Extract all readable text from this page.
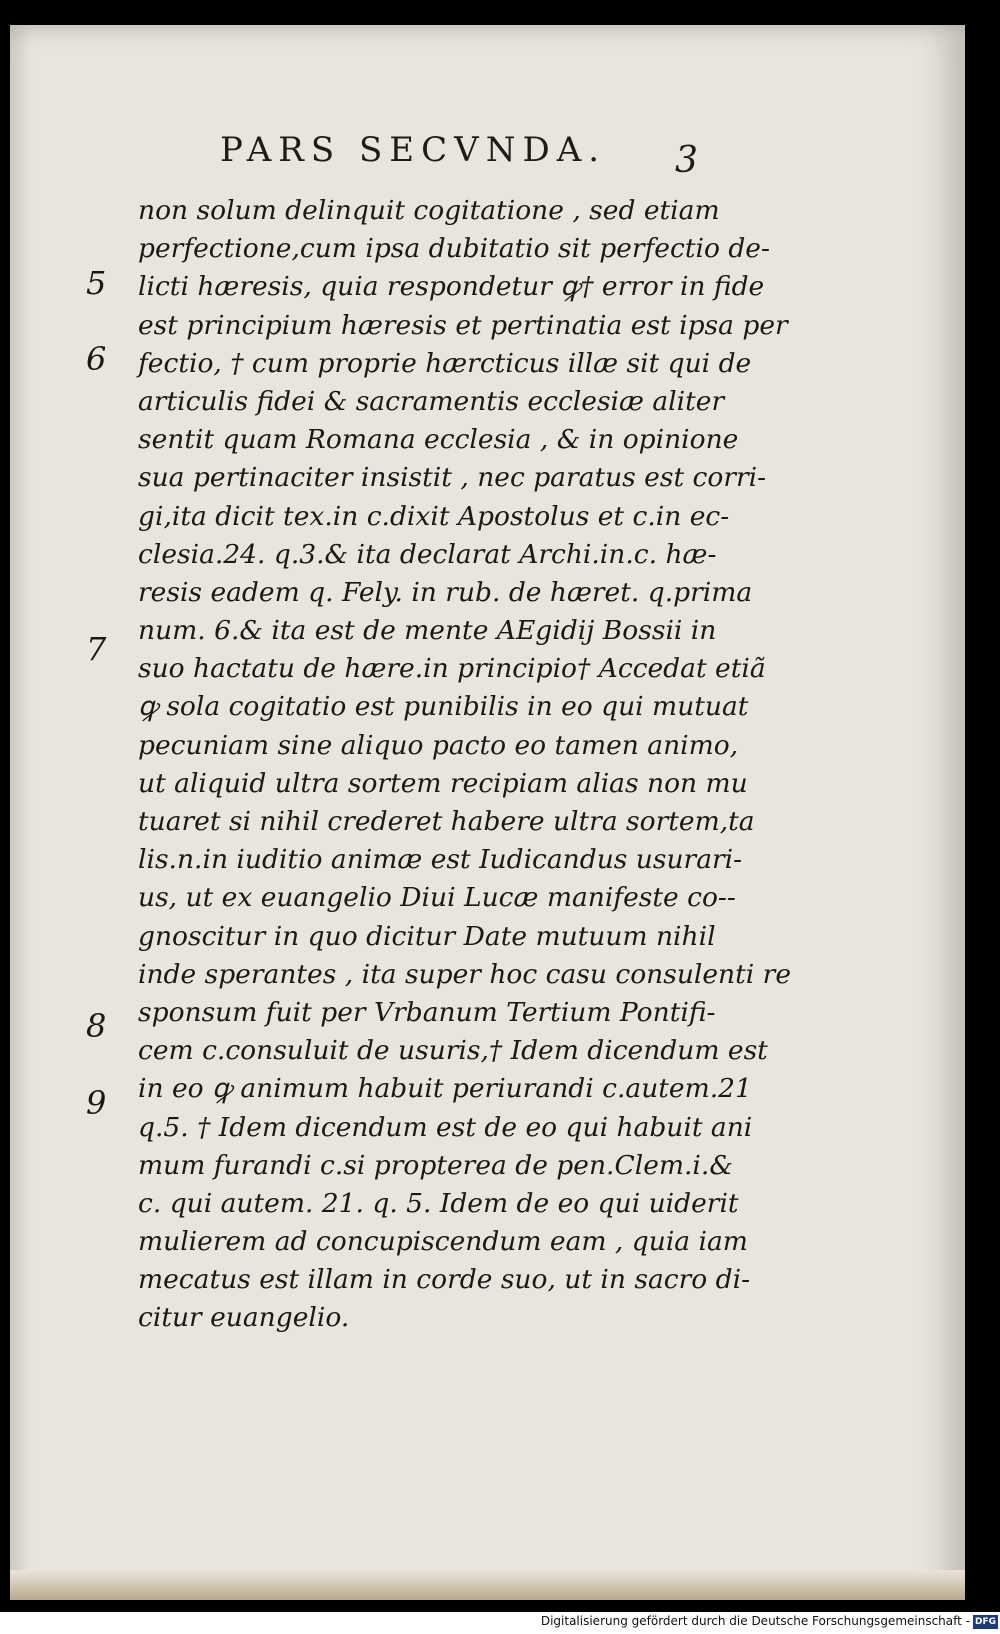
PARS SECVNDA. 3
5
6
7
8
9
non solum delinquit cogitatione , sed etiam
perfectione,cum ipsa dubitatio sit perfectio de-
licti hæresis, quia respondetur ꝙ† error in fide
est principium hæresis et pertinatia est ipsa per
fectio, † cum proprie hærcticus illæ sit qui de
articulis fidei & sacramentis ecclesiæ aliter
sentit quam Romana ecclesia , & in opinione
sua pertinaciter insistit , nec paratus est corri-
gi,ita dicit tex.in c.dixit Apostolus et c.in ec-
clesia.24. q.3.& ita declarat Archi.in.c. hæ-
resis eadem q. Fely. in rub. de hæret. q.prima
num. 6.& ita est de mente AEgidij Bossii in
suo hactatu de hære.in principio† Accedat etiã
ꝙ sola cogitatio est punibilis in eo qui mutuat
pecuniam sine aliquo pacto eo tamen animo,
ut aliquid ultra sortem recipiam alias non mu
tuaret si nihil crederet habere ultra sortem,ta
lis.n.in iuditio animæ est Iudicandus usurari-
us, ut ex euangelio Diui Lucæ manifeste co--
gnoscitur in quo dicitur Date mutuum nihil
inde sperantes , ita super hoc casu consulenti re
sponsum fuit per Vrbanum Tertium Pontifi-
cem c.consuluit de usuris,† Idem dicendum est
in eo ꝙ animum habuit periurandi c.autem.21
q.5. † Idem dicendum est de eo qui habuit ani
mum furandi c.si propterea de pen.Clem.i.&
c. qui autem. 21. q. 5. Idem de eo qui uiderit
mulierem ad concupiscendum eam , quia iam
mecatus est illam in corde suo, ut in sacro di-
citur euangelio.
Digitalisierung gefördert durch die Deutsche Forschungsgemeinschaft - DFG
